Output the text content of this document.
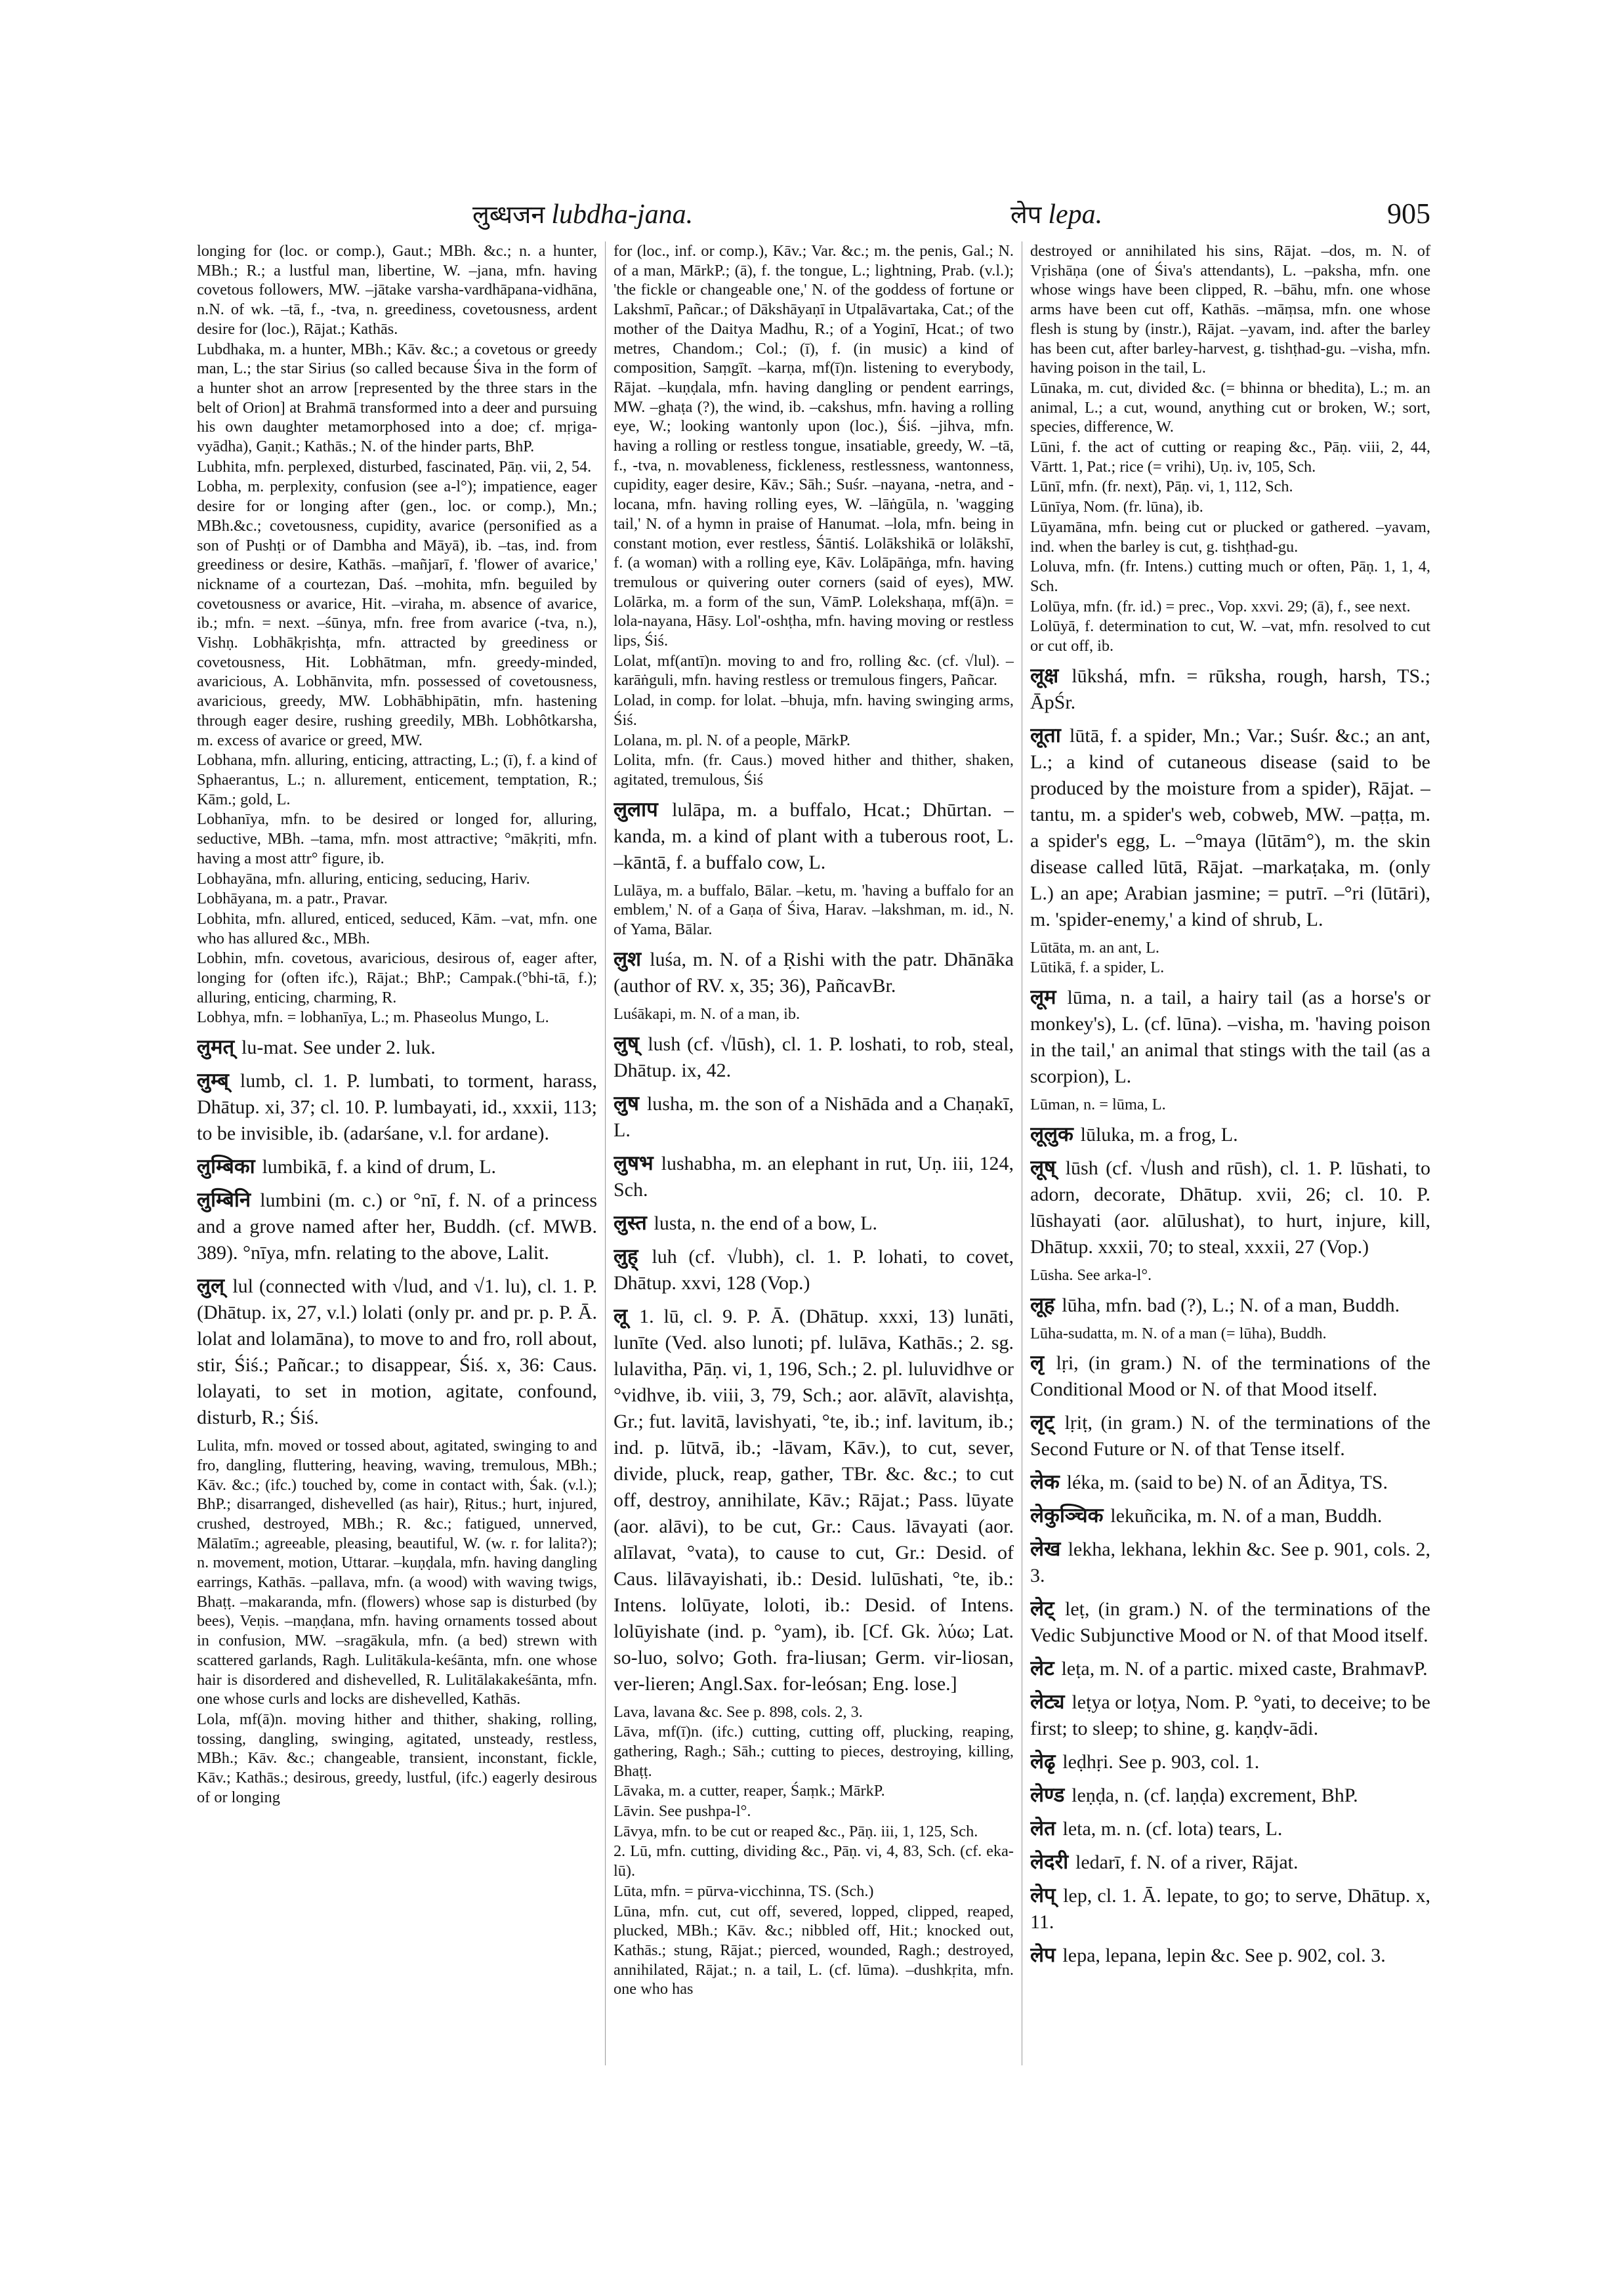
लुब्धजन lubdha-jana.	लेप lepa.	905

longing for (loc. or comp.), Gaut.; MBh. &c.; n. a hunter, MBh.; R.; a lustful man, libertine, W. –jana, mfn. having covetous followers, MW. –jātake varsha-vardhāpana-vidhāna, n.N. of wk. –tā, f., -tva, n. greediness, covetousness, ardent desire for (loc.), Rājat.; Kathās.

Lubdhaka, m. a hunter, MBh.; Kāv. &c.; a covetous or greedy man, L.; the star Sirius (so called because Śiva in the form of a hunter shot an arrow [represented by the three stars in the belt of Orion] at Brahmā transformed into a deer and pursuing his own daughter metamorphosed into a doe; cf. mṛiga-vyādha), Gaṇit.; Kathās.; N. of the hinder parts, BhP.

Lubhita, mfn. perplexed, disturbed, fascinated, Pāṇ. vii, 2, 54.

Lobha, m. perplexity, confusion (see a-l°); impatience, eager desire for or longing after (gen., loc. or comp.), Mn.; MBh.&c.; covetousness, cupidity, avarice (personified as a son of Pushṭi or of Dambha and Māyā), ib. –tas, ind. from greediness or desire, Kathās. –mañjarī, f. 'flower of avarice,' nickname of a courtezan, Daś. –mohita, mfn. beguiled by covetousness or avarice, Hit. –viraha, m. absence of avarice, ib.; mfn. = next. –śūnya, mfn. free from avarice (-tva, n.), Vishṇ. Lobhākṛishṭa, mfn. attracted by greediness or covetousness, Hit. Lobhātman, mfn. greedy-minded, avaricious, A. Lobhānvita, mfn. possessed of covetousness, avaricious, greedy, MW. Lobhābhipātin, mfn. hastening through eager desire, rushing greedily, MBh. Lobhôtkarsha, m. excess of avarice or greed, MW.

Lobhana, mfn. alluring, enticing, attracting, L.; (ī), f. a kind of Sphaerantus, L.; n. allurement, enticement, temptation, R.; Kām.; gold, L.

Lobhanīya, mfn. to be desired or longed for, alluring, seductive, MBh. –tama, mfn. most attractive; °mākṛiti, mfn. having a most attr° figure, ib.

Lobhayāna, mfn. alluring, enticing, seducing, Hariv.

Lobhāyana, m. a patr., Pravar.

Lobhita, mfn. allured, enticed, seduced, Kām. –vat, mfn. one who has allured &c., MBh.

Lobhin, mfn. covetous, avaricious, desirous of, eager after, longing for (often ifc.), Rājat.; BhP.; Campak.(°bhi-tā, f.); alluring, enticing, charming, R.

Lobhya, mfn. = lobhanīya, L.; m. Phaseolus Mungo, L.

लुमत् lu-mat. See under 2. luk.

लुम्ब् lumb, cl. 1. P. lumbati, to torment, harass, Dhātup. xi, 37; cl. 10. P. lumbayati, id., xxxii, 113; to be invisible, ib. (adarśane, v.l. for ardane).

लुम्बिका lumbikā, f. a kind of drum, L.

लुम्बिनि lumbini (m. c.) or °nī, f. N. of a princess and a grove named after her, Buddh. (cf. MWB. 389). °nīya, mfn. relating to the above, Lalit.

लुल् lul (connected with √lud, and √1. lu), cl. 1. P. (Dhātup. ix, 27, v.l.) lolati (only pr. and pr. p. P. Ā. lolat and lolamāna), to move to and fro, roll about, stir, Śiś.; Pañcar.; to disappear, Śiś. x, 36: Caus. lolayati, to set in motion, agitate, confound, disturb, R.; Śiś.

Lulita, mfn. moved or tossed about, agitated, swinging to and fro, dangling, fluttering, heaving, waving, tremulous, MBh.; Kāv. &c.; (ifc.) touched by, come in contact with, Śak. (v.l.); BhP.; disarranged, dishevelled (as hair), Ṛitus.; hurt, injured, crushed, destroyed, MBh.; R. &c.; fatigued, unnerved, Mālatīm.; agreeable, pleasing, beautiful, W. (w. r. for lalita?); n. movement, motion, Uttarar. –kuṇḍala, mfn. having dangling earrings, Kathās. –pallava, mfn. (a wood) with waving twigs, Bhaṭṭ. –makaranda, mfn. (flowers) whose sap is disturbed (by bees), Veṇis. –maṇḍana, mfn. having ornaments tossed about in confusion, MW. –sragākula, mfn. (a bed) strewn with scattered garlands, Ragh. Lulitākula-keśānta, mfn. one whose hair is disordered and dishevelled, R. Lulitālakakeśānta, mfn. one whose curls and locks are dishevelled, Kathās.

Lola, mf(ā)n. moving hither and thither, shaking, rolling, tossing, dangling, swinging, agitated, unsteady, restless, MBh.; Kāv. &c.; changeable, transient, inconstant, fickle, Kāv.; Kathās.; desirous, greedy, lustful, (ifc.) eagerly desirous of or longing

for (loc., inf. or comp.), Kāv.; Var. &c.; m. the penis, Gal.; N. of a man, MārkP.; (ā), f. the tongue, L.; lightning, Prab. (v.l.); 'the fickle or changeable one,' N. of the goddess of fortune or Lakshmī, Pañcar.; of Dākshāyaṇī in Utpalāvartaka, Cat.; of the mother of the Daitya Madhu, R.; of a Yoginī, Hcat.; of two metres, Chandom.; Col.; (ī), f. (in music) a kind of composition, Saṃgīt. –karṇa, mf(ī)n. listening to everybody, Rājat. –kuṇḍala, mfn. having dangling or pendent earrings, MW. –ghaṭa (?), the wind, ib. –cakshus, mfn. having a rolling eye, W.; looking wantonly upon (loc.), Śiś. –jihva, mfn. having a rolling or restless tongue, insatiable, greedy, W. –tā, f., -tva, n. movableness, fickleness, restlessness, wantonness, cupidity, eager desire, Kāv.; Sāh.; Suśr. –nayana, -netra, and -locana, mfn. having rolling eyes, W. –lāṅgūla, n. 'wagging tail,' N. of a hymn in praise of Hanumat. –lola, mfn. being in constant motion, ever restless, Śāntiś. Lolākshikā or lolākshī, f. (a woman) with a rolling eye, Kāv. Lolāpāṅga, mfn. having tremulous or quivering outer corners (said of eyes), MW. Lolārka, m. a form of the sun, VāmP. Lolekshaṇa, mf(ā)n. = lola-nayana, Hāsy. Lol'-oshṭha, mfn. having moving or restless lips, Śiś.

Lolat, mf(antī)n. moving to and fro, rolling &c. (cf. √lul). –karāṅguli, mfn. having restless or tremulous fingers, Pañcar.

Lolad, in comp. for lolat. –bhuja, mfn. having swinging arms, Śiś.

Lolana, m. pl. N. of a people, MārkP.

Lolita, mfn. (fr. Caus.) moved hither and thither, shaken, agitated, tremulous, Śiś

लुलाप lulāpa, m. a buffalo, Hcat.; Dhūrtan. –kanda, m. a kind of plant with a tuberous root, L. –kāntā, f. a buffalo cow, L.

Lulāya, m. a buffalo, Bālar. –ketu, m. 'having a buffalo for an emblem,' N. of a Gaṇa of Śiva, Harav. –lakshman, m. id., N. of Yama, Bālar.

लुश luśa, m. N. of a Ṛishi with the patr. Dhānāka (author of RV. x, 35; 36), PañcavBr.

Luśākapi, m. N. of a man, ib.

लुष् lush (cf. √lūsh), cl. 1. P. loshati, to rob, steal, Dhātup. ix, 42.

लुष lusha, m. the son of a Nishāda and a Chaṇakī, L.

लुषभ lushabha, m. an elephant in rut, Uṇ. iii, 124, Sch.

लुस्त lusta, n. the end of a bow, L.

लुह् luh (cf. √lubh), cl. 1. P. lohati, to covet, Dhātup. xxvi, 128 (Vop.)

लू 1. lū, cl. 9. P. Ā. (Dhātup. xxxi, 13) lunāti, lunīte (Ved. also lunoti; pf. lulāva, Kathās.; 2. sg. lulavitha, Pāṇ. vi, 1, 196, Sch.; 2. pl. luluvidhve or °vidhve, ib. viii, 3, 79, Sch.; aor. alāvīt, alavishṭa, Gr.; fut. lavitā, lavishyati, °te, ib.; inf. lavitum, ib.; ind. p. lūtvā, ib.; -lāvam, Kāv.), to cut, sever, divide, pluck, reap, gather, TBr. &c. &c.; to cut off, destroy, annihilate, Kāv.; Rājat.; Pass. lūyate (aor. alāvi), to be cut, Gr.: Caus. lāvayati (aor. alīlavat, °vata), to cause to cut, Gr.: Desid. of Caus. lilāvayishati, ib.: Desid. lulūshati, °te, ib.: Intens. lolūyate, loloti, ib.: Desid. of Intens. lolūyishate (ind. p. °yam), ib. [Cf. Gk. λύω; Lat. so-luo, solvo; Goth. fra-liusan; Germ. vir-liosan, ver-lieren; Angl.Sax. for-leósan; Eng. lose.]

Lava, lavana &c. See p. 898, cols. 2, 3.

Lāva, mf(ī)n. (ifc.) cutting, cutting off, plucking, reaping, gathering, Ragh.; Sāh.; cutting to pieces, destroying, killing, Bhaṭṭ.

Lāvaka, m. a cutter, reaper, Śaṃk.; MārkP.

Lāvin. See pushpa-l°.

Lāvya, mfn. to be cut or reaped &c., Pāṇ. iii, 1, 125, Sch.

2. Lū, mfn. cutting, dividing &c., Pāṇ. vi, 4, 83, Sch. (cf. eka-lū).

Lūta, mfn. = pūrva-vicchinna, TS. (Sch.)

Lūna, mfn. cut, cut off, severed, lopped, clipped, reaped, plucked, MBh.; Kāv. &c.; nibbled off, Hit.; knocked out, Kathās.; stung, Rājat.; pierced, wounded, Ragh.; destroyed, annihilated, Rājat.; n. a tail, L. (cf. lūma). –dushkṛita, mfn. one who has

destroyed or annihilated his sins, Rājat. –dos, m. N. of Vṛishāṇa (one of Śiva's attendants), L. –paksha, mfn. one whose wings have been clipped, R. –bāhu, mfn. one whose arms have been cut off, Kathās. –māṃsa, mfn. one whose flesh is stung by (instr.), Rājat. –yavam, ind. after the barley has been cut, after barley-harvest, g. tishṭhad-gu. –visha, mfn. having poison in the tail, L.

Lūnaka, m. cut, divided &c. (= bhinna or bhedita), L.; m. an animal, L.; a cut, wound, anything cut or broken, W.; sort, species, difference, W.

Lūni, f. the act of cutting or reaping &c., Pāṇ. viii, 2, 44, Vārtt. 1, Pat.; rice (= vrihi), Uṇ. iv, 105, Sch.

Lūnī, mfn. (fr. next), Pāṇ. vi, 1, 112, Sch.

Lūnīya, Nom. (fr. lūna), ib.

Lūyamāna, mfn. being cut or plucked or gathered. –yavam, ind. when the barley is cut, g. tishṭhad-gu.

Loluva, mfn. (fr. Intens.) cutting much or often, Pāṇ. 1, 1, 4, Sch.

Lolūya, mfn. (fr. id.) = prec., Vop. xxvi. 29; (ā), f., see next.

Lolūyā, f. determination to cut, W. –vat, mfn. resolved to cut or cut off, ib.

लूक्ष lūkshá, mfn. = rūksha, rough, harsh, TS.; ĀpŚr.

लूता lūtā, f. a spider, Mn.; Var.; Suśr. &c.; an ant, L.; a kind of cutaneous disease (said to be produced by the moisture from a spider), Rājat. –tantu, m. a spider's web, cobweb, MW. –paṭṭa, m. a spider's egg, L. –°maya (lūtām°), m. the skin disease called lūtā, Rājat. –markaṭaka, m. (only L.) an ape; Arabian jasmine; = putrī. –°ri (lūtāri), m. 'spider-enemy,' a kind of shrub, L.

Lūtāta, m. an ant, L.

Lūtikā, f. a spider, L.

लूम lūma, n. a tail, a hairy tail (as a horse's or monkey's), L. (cf. lūna). –visha, m. 'having poison in the tail,' an animal that stings with the tail (as a scorpion), L.

Lūman, n. = lūma, L.

लूलुक lūluka, m. a frog, L.

लूष् lūsh (cf. √lush and rūsh), cl. 1. P. lūshati, to adorn, decorate, Dhātup. xvii, 26; cl. 10. P. lūshayati (aor. alūlushat), to hurt, injure, kill, Dhātup. xxxii, 70; to steal, xxxii, 27 (Vop.)

Lūsha. See arka-l°.

लूह lūha, mfn. bad (?), L.; N. of a man, Buddh.

Lūha-sudatta, m. N. of a man (= lūha), Buddh.

लृ lṛi, (in gram.) N. of the terminations of the Conditional Mood or N. of that Mood itself.

लृट् lṛiṭ, (in gram.) N. of the terminations of the Second Future or N. of that Tense itself.

लेक léka, m. (said to be) N. of an Āditya, TS.

लेकुञ्चिक lekuñcika, m. N. of a man, Buddh.

लेख lekha, lekhana, lekhin &c. See p. 901, cols. 2, 3.

लेट् leṭ, (in gram.) N. of the terminations of the Vedic Subjunctive Mood or N. of that Mood itself.

लेट leṭa, m. N. of a partic. mixed caste, BrahmavP.

लेट्य leṭya or loṭya, Nom. P. °yati, to deceive; to be first; to sleep; to shine, g. kaṇḍv-ādi.

लेढृ leḍhṛi. See p. 903, col. 1.

लेण्ड leṇḍa, n. (cf. laṇḍa) excrement, BhP.

लेत leta, m. n. (cf. lota) tears, L.

लेदरी ledarī, f. N. of a river, Rājat.

लेप् lep, cl. 1. Ā. lepate, to go; to serve, Dhātup. x, 11.

लेप lepa, lepana, lepin &c. See p. 902, col. 3.
